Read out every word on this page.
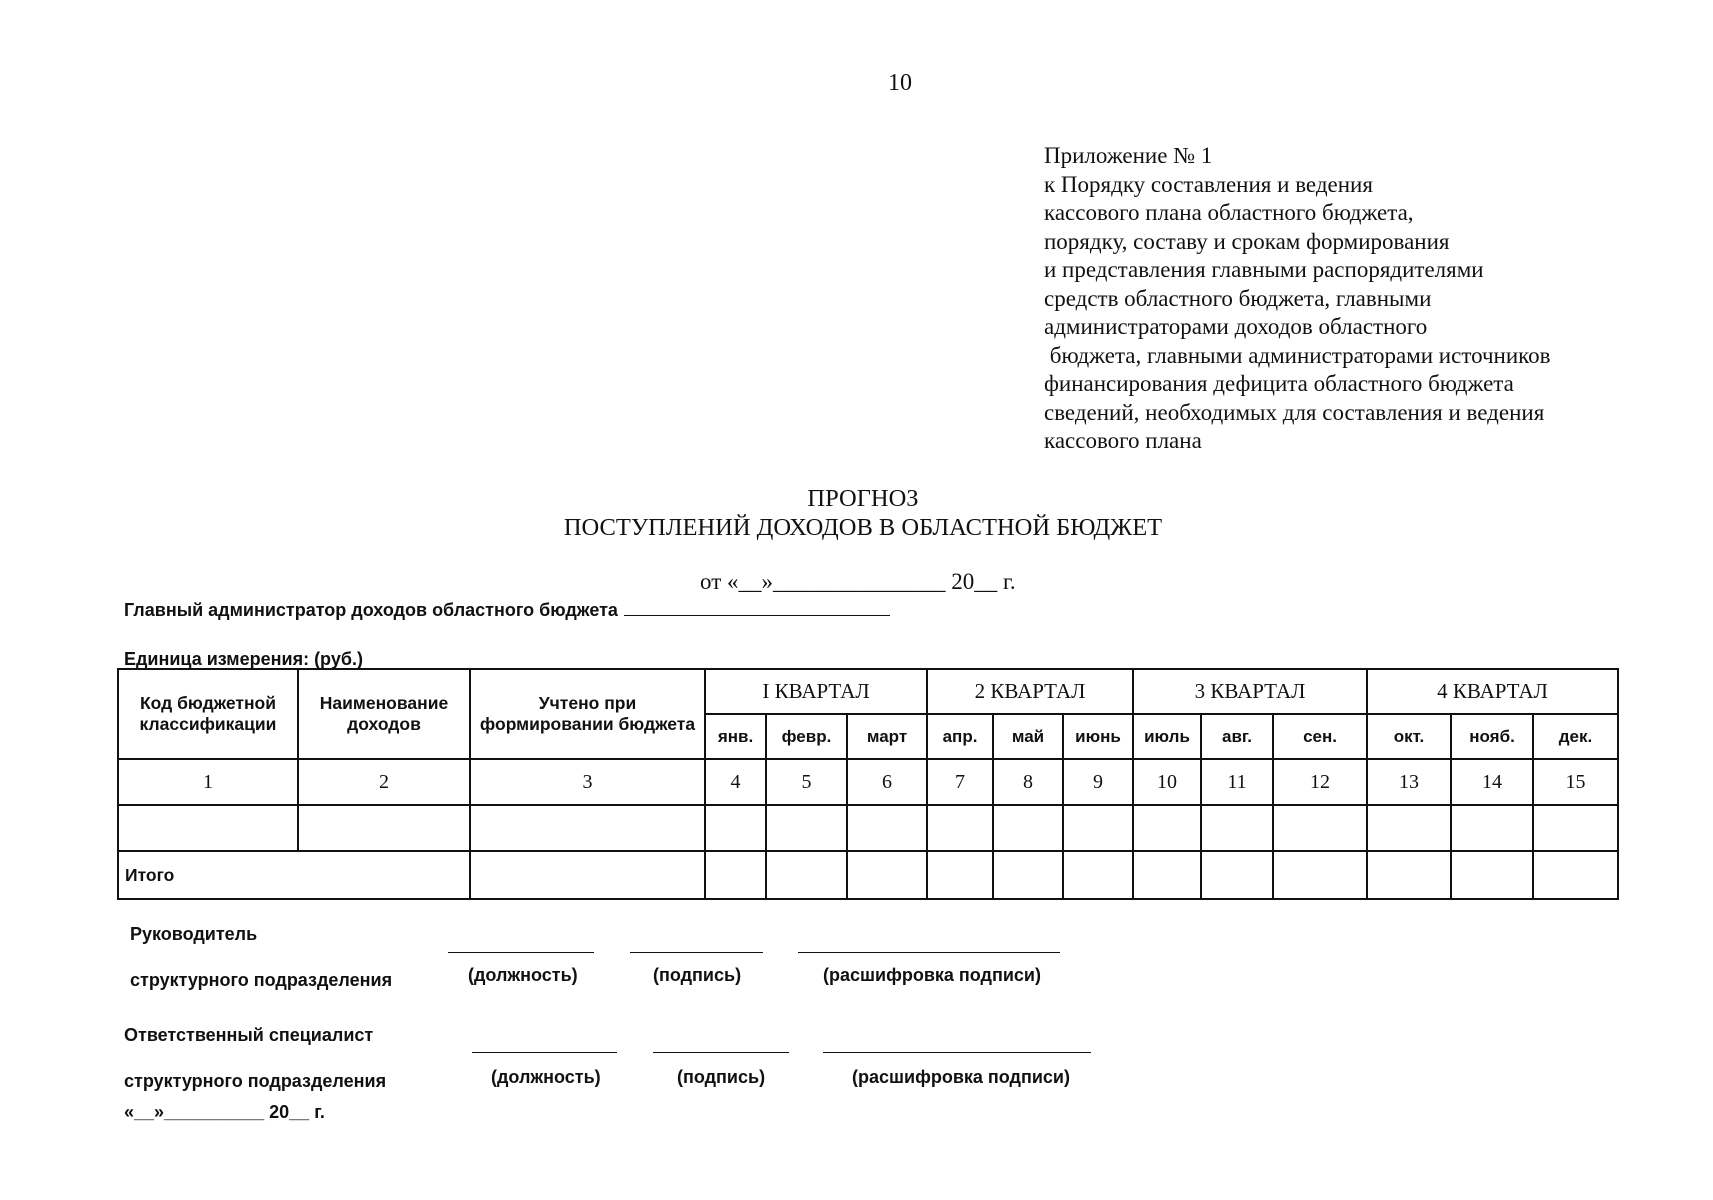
10
Приложение № 1
к Порядку составления и ведения
кассового плана областного бюджета,
порядку, составу и срокам формирования
и представления главными распорядителями
средств областного бюджета, главными
администраторами доходов областного
бюджета, главными администраторами источников
финансирования дефицита областного бюджета
сведений, необходимых для составления и ведения
кассового плана
ПРОГНОЗ
ПОСТУПЛЕНИЙ ДОХОДОВ В ОБЛАСТНОЙ БЮДЖЕТ
от «__»_______________ 20__ г.
Главный администратор доходов областного бюджета
Единица измерения: (руб.)
Код бюджетной классификации	Наименование доходов	Учтено при формировании бюджета	I КВАРТАЛ			2 КВАРТАЛ			3 КВАРТАЛ			4 КВАРТАЛ		
			янв.	февр.	март	апр.	май	июнь	июль	авг.	сен.	окт.	нояб.	дек.
1	2	3	4	5	6	7	8	9	10	11	12	13	14	15

Итого														
Руководитель
структурного подразделения	(должность)	(подпись)	(расшифровка подписи)
Ответственный специалист
структурного подразделения	(должность)	(подпись)	(расшифровка подписи)
«__»__________ 20__ г.
